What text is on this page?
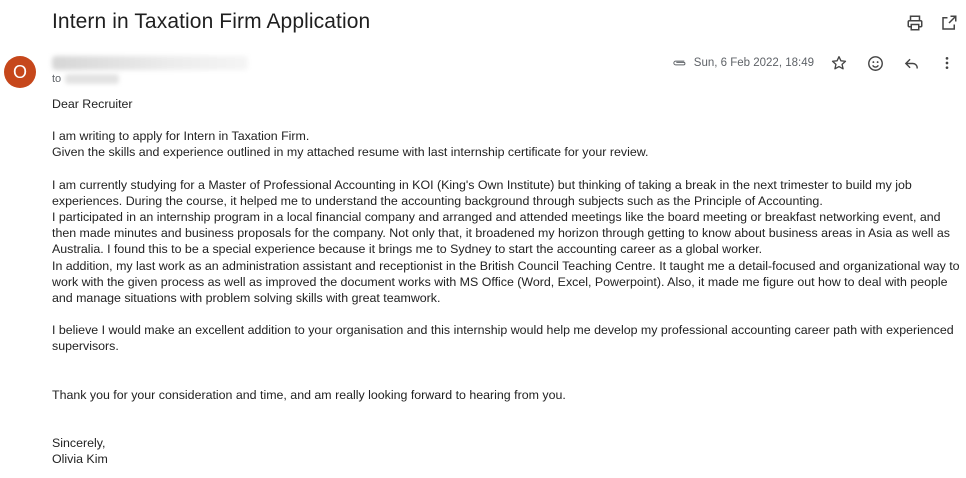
Intern in Taxation Firm Application
O	to
Sun, 6 Feb 2022, 18:49

Dear Recruiter

I am writing to apply for Intern in Taxation Firm.

Given the skills and experience outlined in my attached resume with last internship certificate for your review.

I am currently studying for a Master of Professional Accounting in KOI (King's Own Institute) but thinking of taking a break in the next trimester to build my job experiences. During the course, it helped me to understand the accounting background through subjects such as the Principle of Accounting.

I participated in an internship program in a local financial company and arranged and attended meetings like the board meeting or breakfast networking event, and then made minutes and business proposals for the company. Not only that, it broadened my horizon through getting to know about business areas in Asia as well as Australia. I found this to be a special experience because it brings me to Sydney to start the accounting career as a global worker.

In addition, my last work as an administration assistant and receptionist in the British Council Teaching Centre. It taught me a detail-focused and organizational way to work with the given process as well as improved the document works with MS Office (Word, Excel, Powerpoint). Also, it made me figure out how to deal with people and manage situations with problem solving skills with great teamwork.

I believe I would make an excellent addition to your organisation and this internship would help me develop my professional accounting career path with experienced supervisors.

Thank you for your consideration and time, and am really looking forward to hearing from you.

Sincerely,

Olivia Kim
